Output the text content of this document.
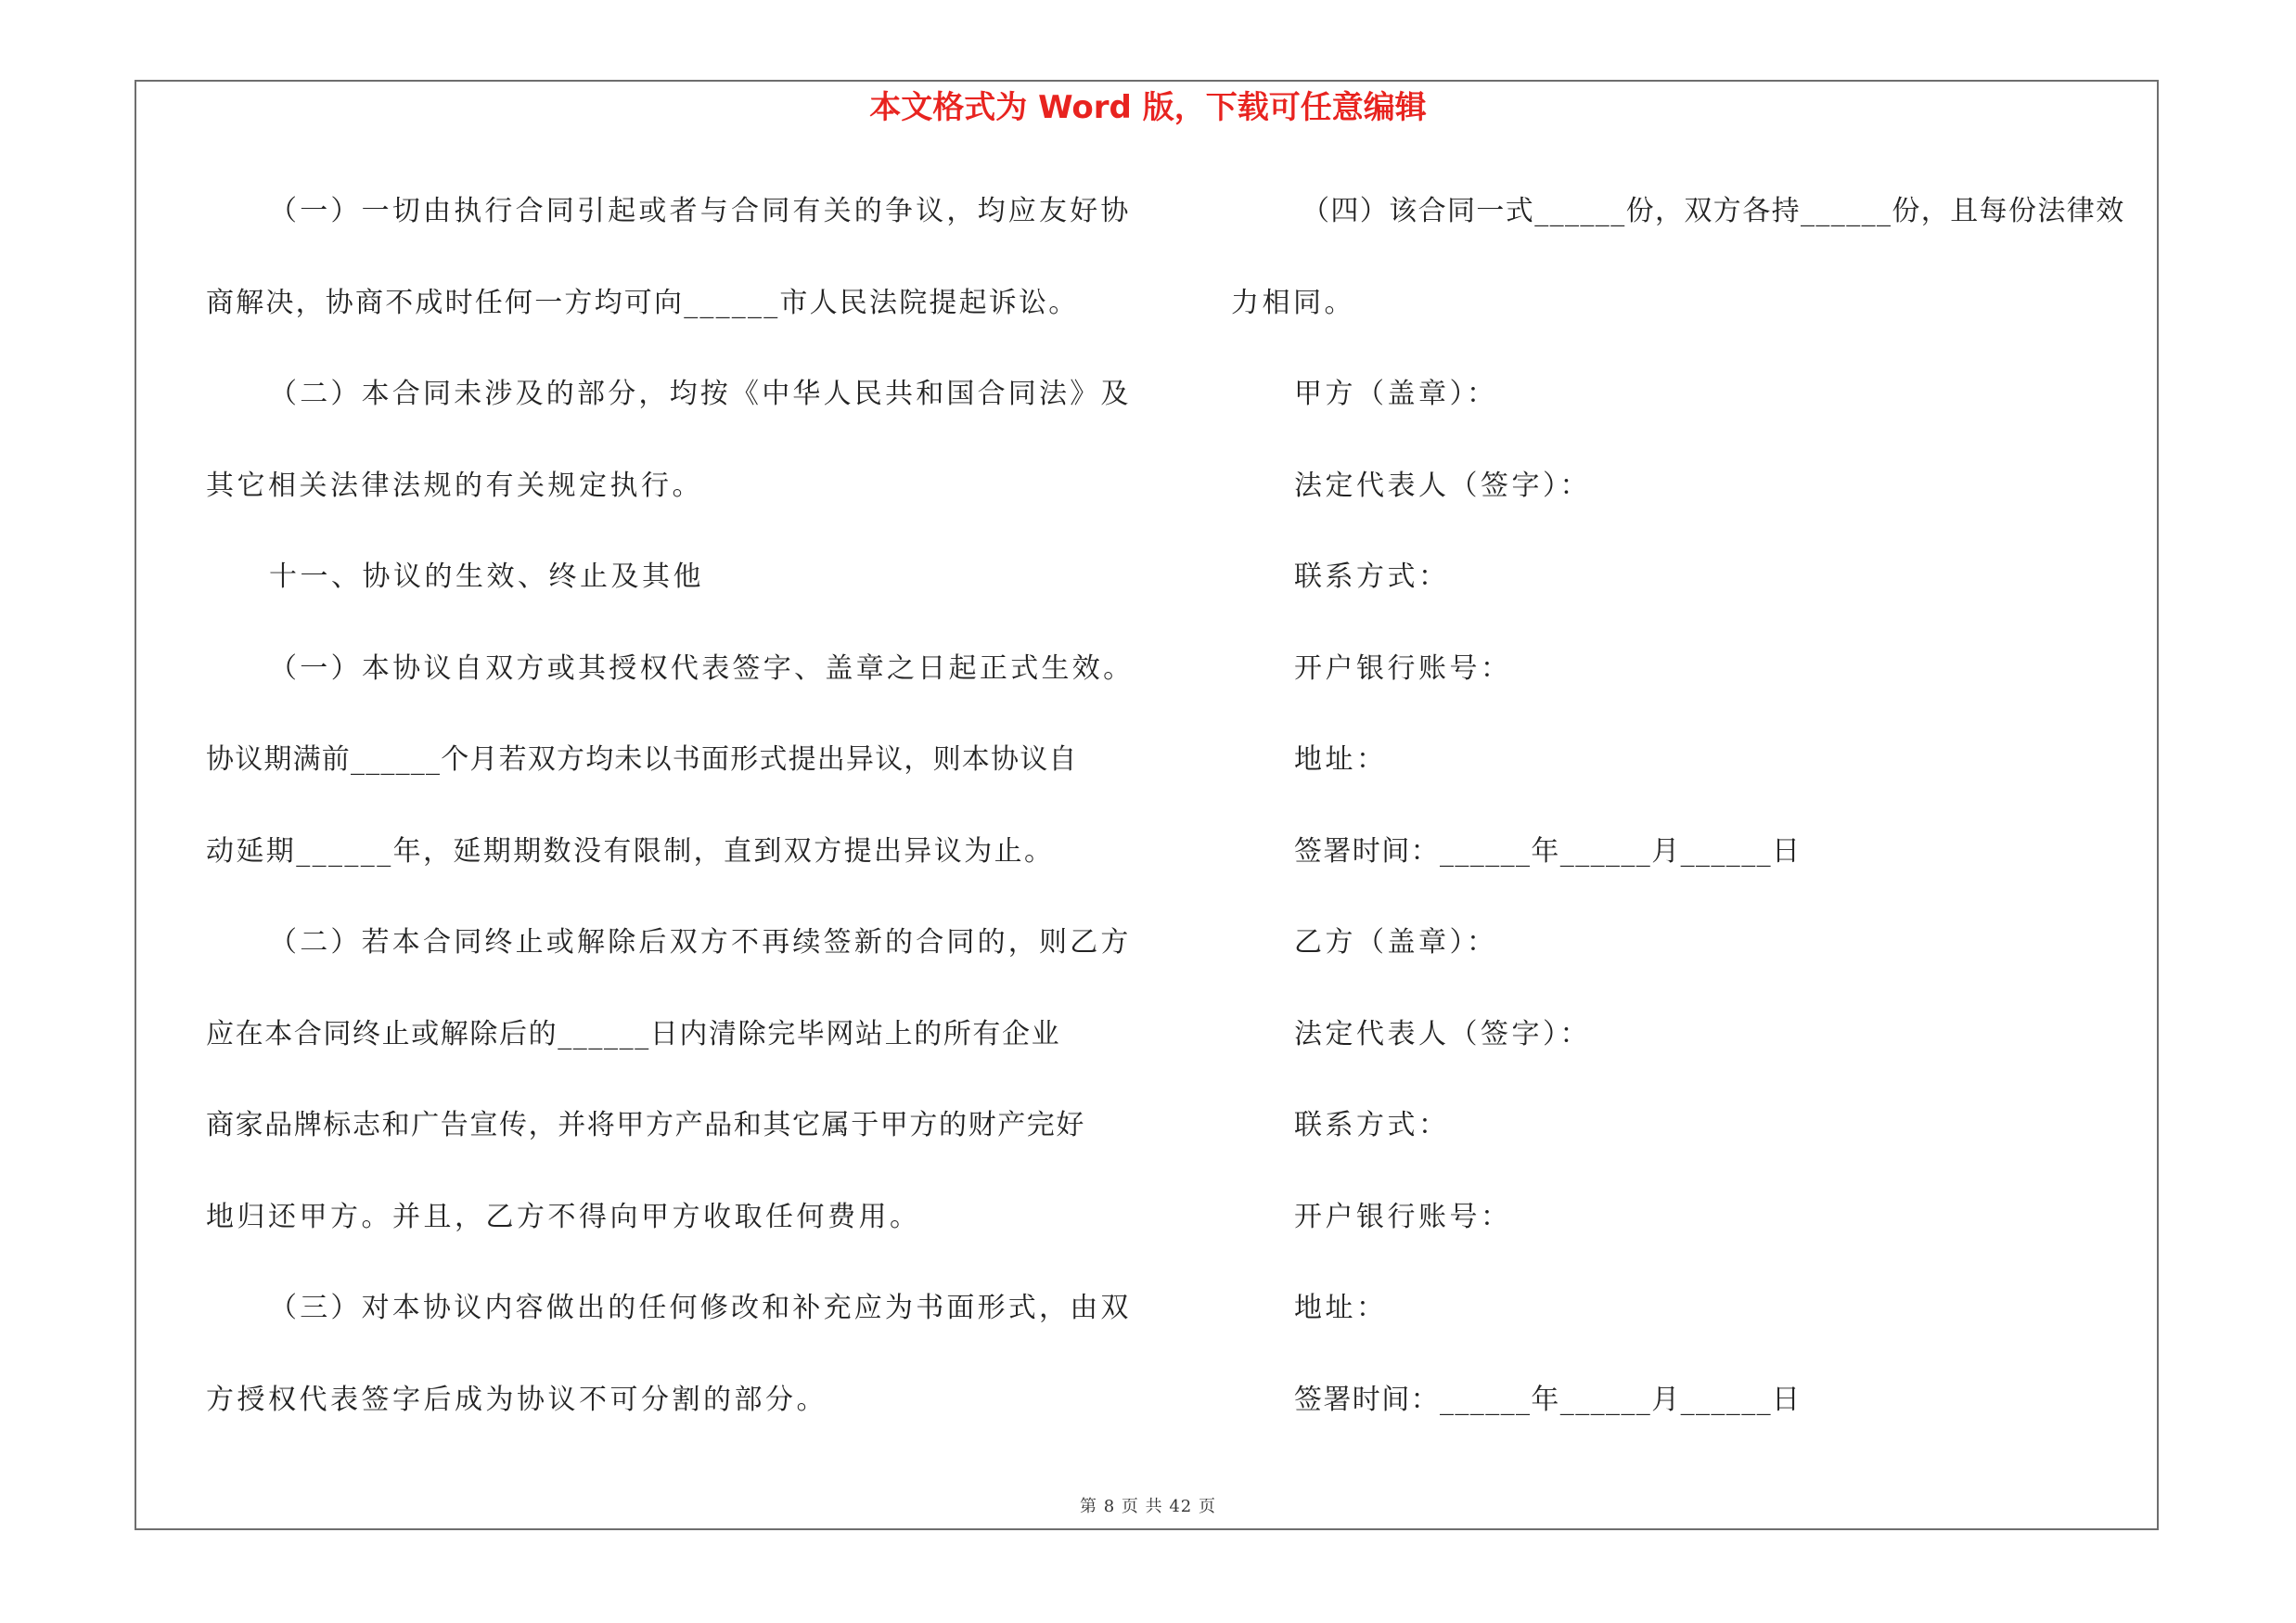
本文格式为 Word 版，下载可任意编辑
（一）一切由执行合同引起或者与合同有关的争议，均应友好协
商解决，协商不成时任何一方均可向______市人民法院提起诉讼。
（二）本合同未涉及的部分，均按《中华人民共和国合同法》及
其它相关法律法规的有关规定执行。
十一、协议的生效、终止及其他
（一）本协议自双方或其授权代表签字、盖章之日起正式生效。
协议期满前______个月若双方均未以书面形式提出异议，则本协议自
动延期______年，延期期数没有限制，直到双方提出异议为止。
（二）若本合同终止或解除后双方不再续签新的合同的，则乙方
应在本合同终止或解除后的______日内清除完毕网站上的所有企业
商家品牌标志和广告宣传，并将甲方产品和其它属于甲方的财产完好
地归还甲方。并且，乙方不得向甲方收取任何费用。
（三）对本协议内容做出的任何修改和补充应为书面形式，由双
方授权代表签字后成为协议不可分割的部分。
（四）该合同一式______份，双方各持______份，且每份法律效
力相同。
甲方（盖章）：
法定代表人（签字）：
联系方式：
开户银行账号：
地址：
签署时间：______年______月______日
乙方（盖章）：
法定代表人（签字）：
联系方式：
开户银行账号：
地址：
签署时间：______年______月______日
第 8 页 共 42 页
